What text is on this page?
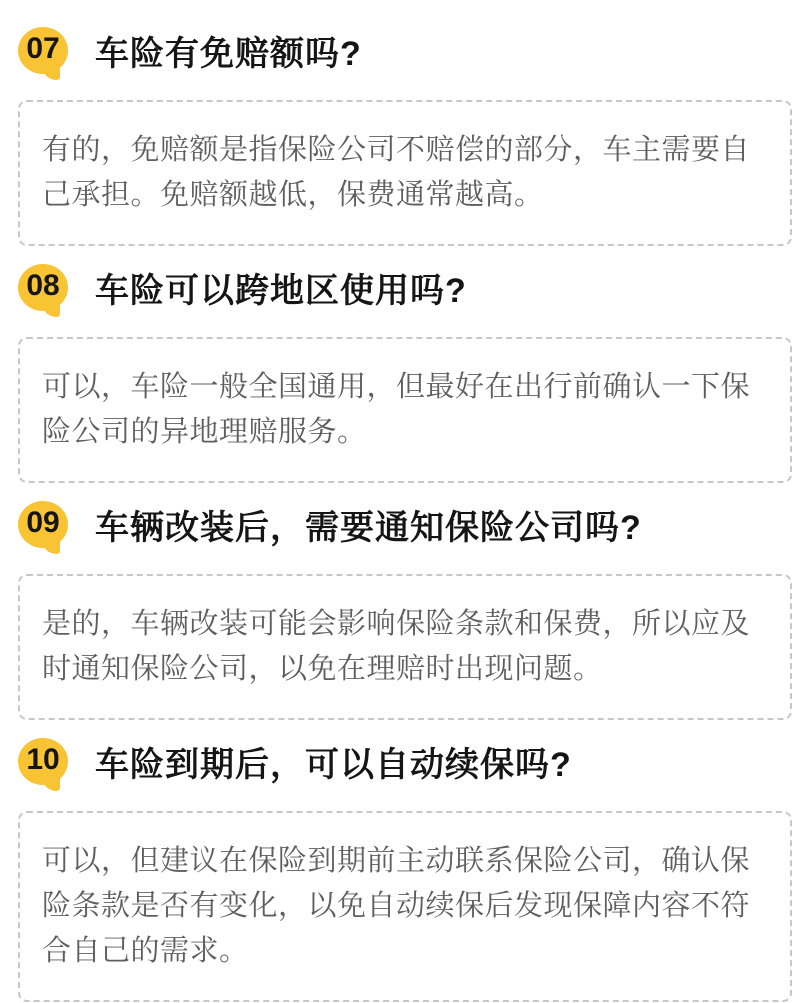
07 车险有免赔额吗?

有的，免赔额是指保险公司不赔偿的部分，车主需要自己承担。免赔额越低，保费通常越高。

08 车险可以跨地区使用吗?

可以，车险一般全国通用，但最好在出行前确认一下保险公司的异地理赔服务。

09 车辆改装后，需要通知保险公司吗?

是的，车辆改装可能会影响保险条款和保费，所以应及时通知保险公司，以免在理赔时出现问题。

10 车险到期后，可以自动续保吗?

可以，但建议在保险到期前主动联系保险公司，确认保险条款是否有变化，以免自动续保后发现保障内容不符合自己的需求。
